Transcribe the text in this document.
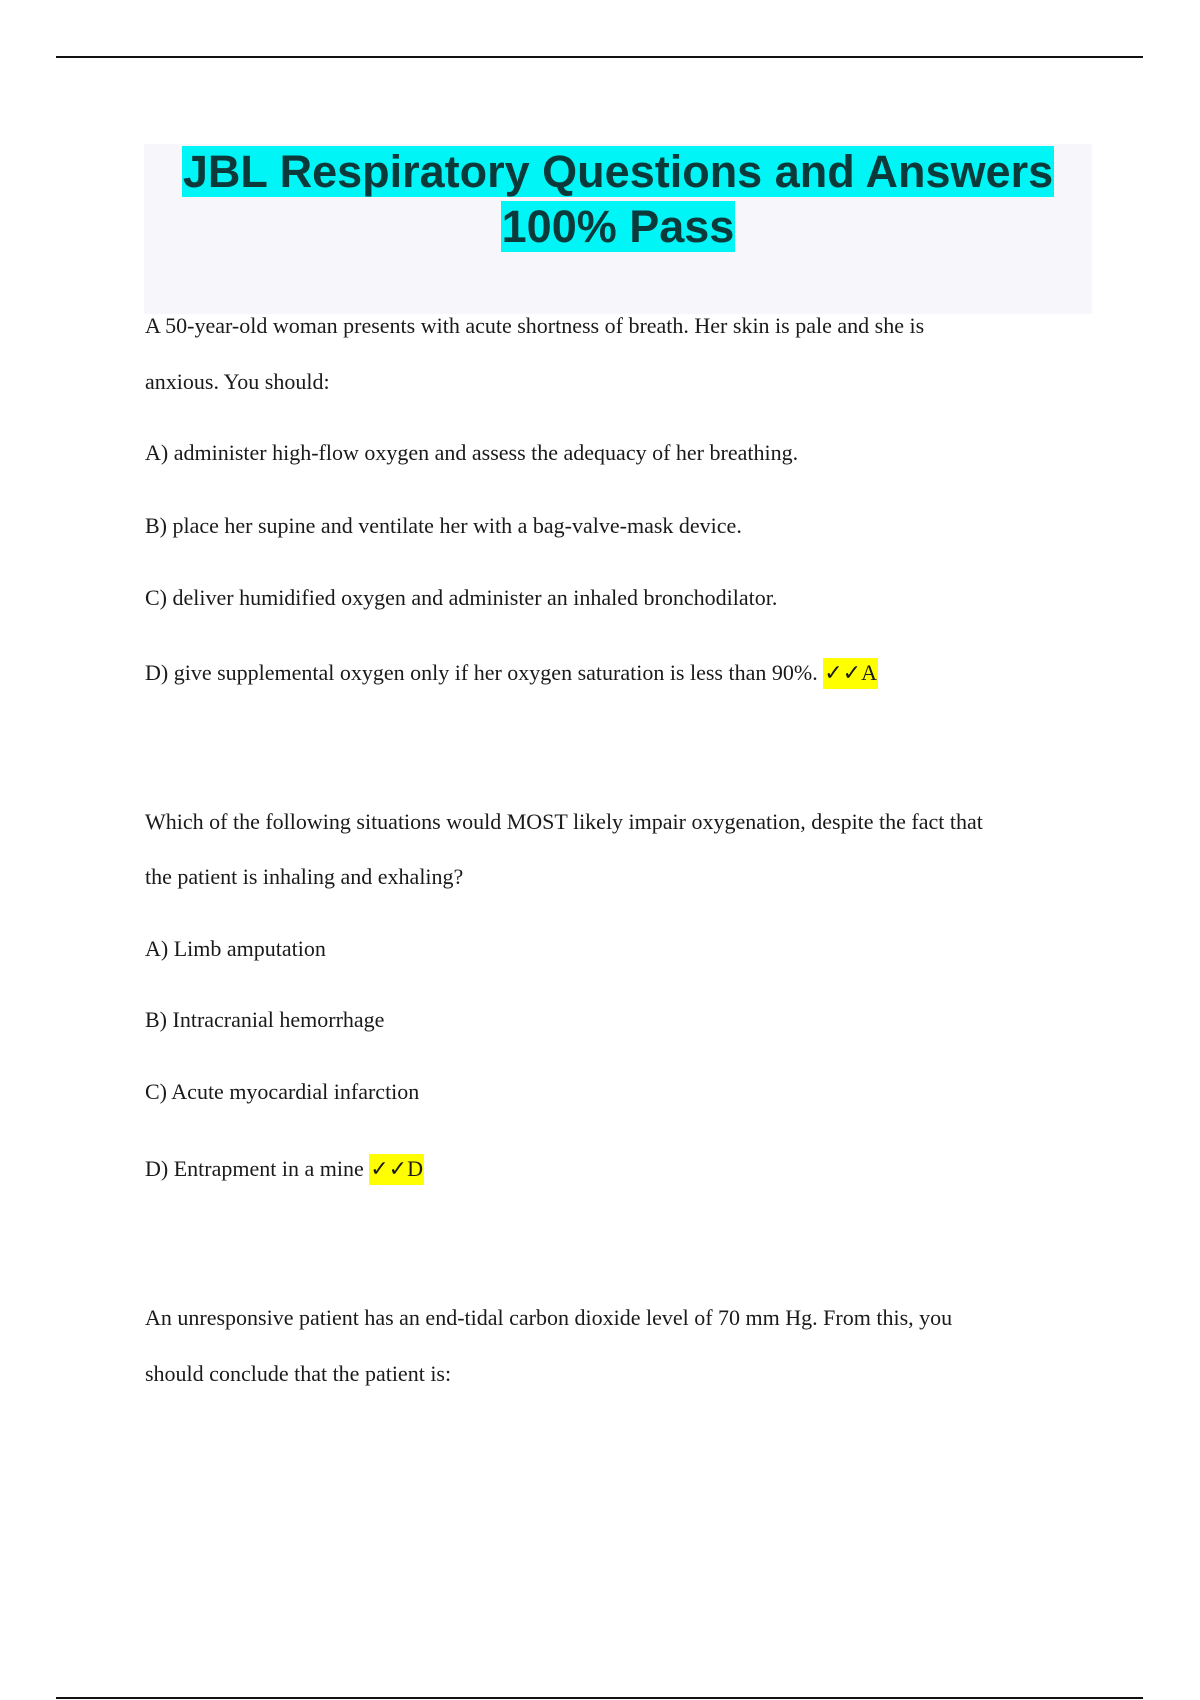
JBL Respiratory Questions and Answers
100% Pass

A 50-year-old woman presents with acute shortness of breath. Her skin is pale and she is

anxious. You should:

A) administer high-flow oxygen and assess the adequacy of her breathing.

B) place her supine and ventilate her with a bag-valve-mask device.

C) deliver humidified oxygen and administer an inhaled bronchodilator.

D) give supplemental oxygen only if her oxygen saturation is less than 90%. ✓✓A

Which of the following situations would MOST likely impair oxygenation, despite the fact that

the patient is inhaling and exhaling?

A) Limb amputation

B) Intracranial hemorrhage

C) Acute myocardial infarction

D) Entrapment in a mine ✓✓D

An unresponsive patient has an end-tidal carbon dioxide level of 70 mm Hg. From this, you

should conclude that the patient is:
